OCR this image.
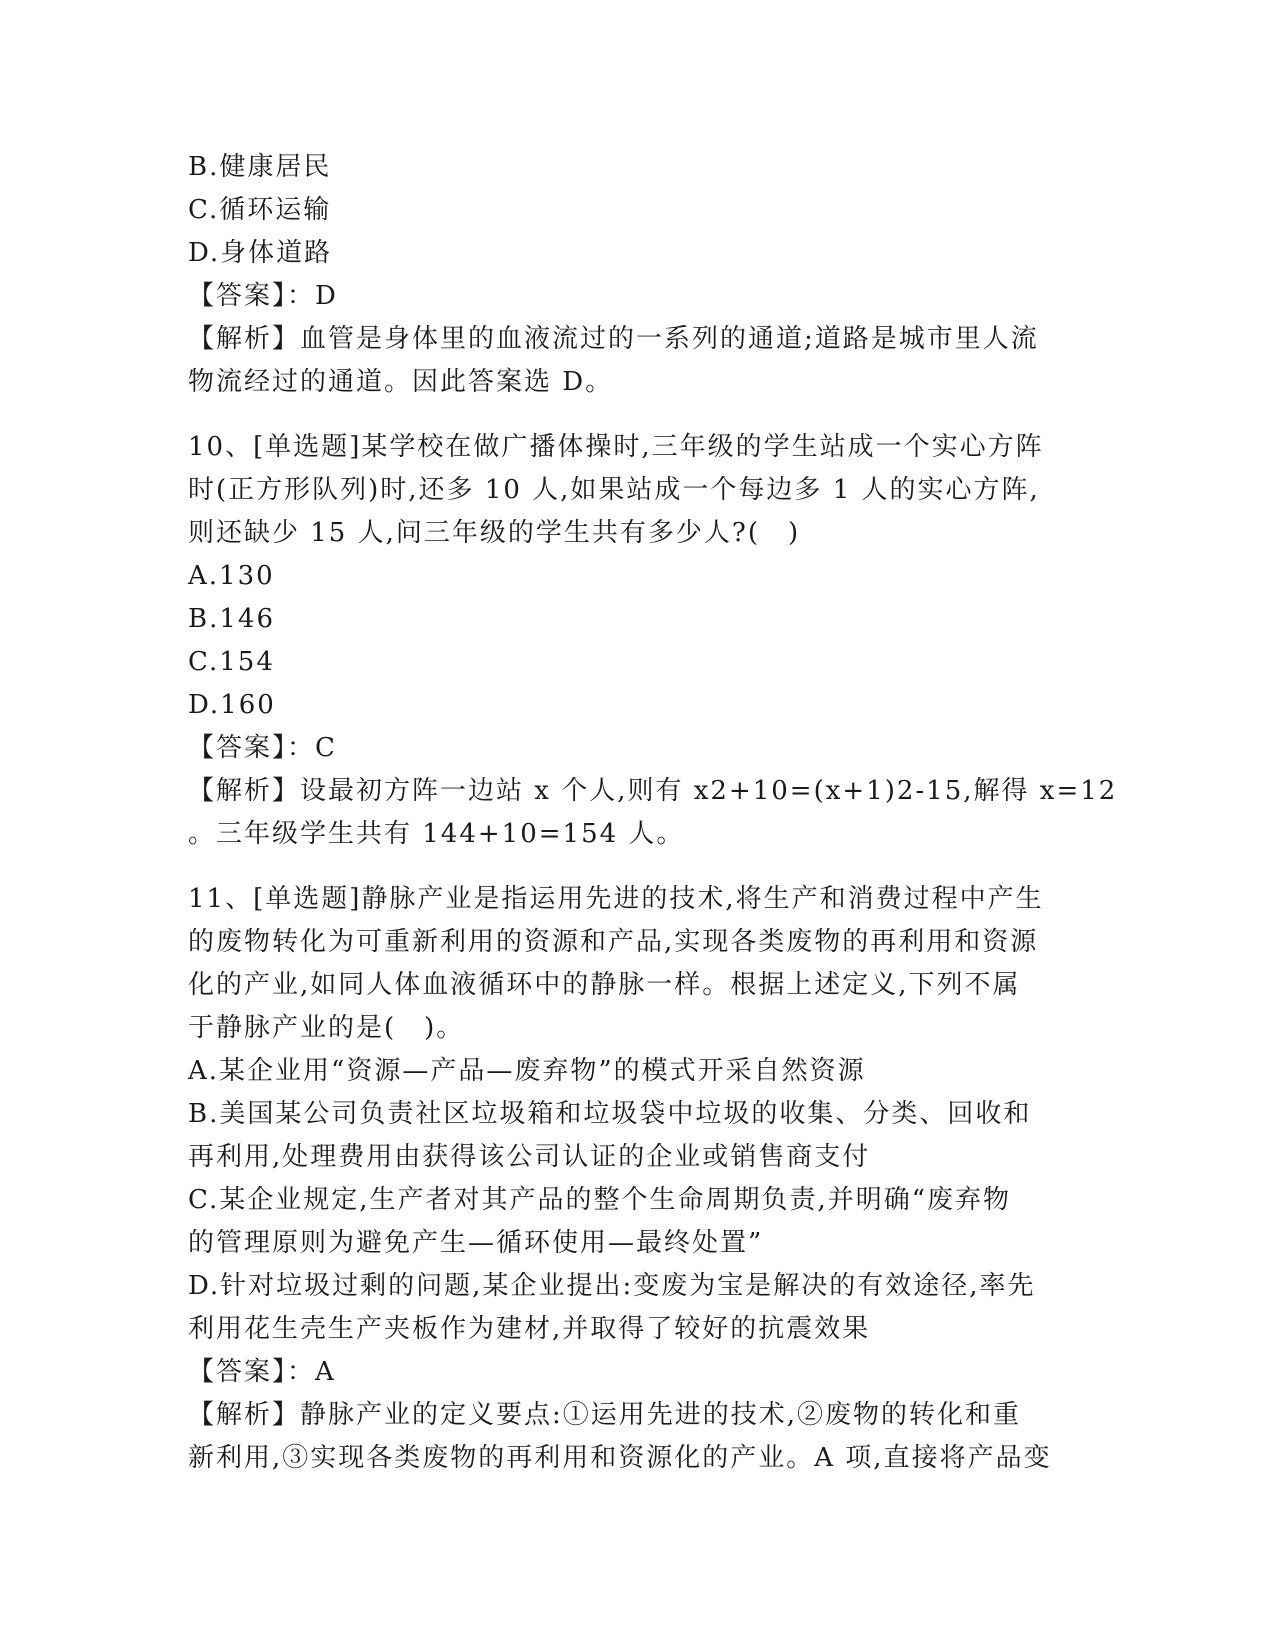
B.健康居民
C.循环运输
D.身体道路
【答案】：D
【解析】血管是身体里的血液流过的一系列的通道;道路是城市里人流
物流经过的通道。因此答案选 D。
10、[单选题]某学校在做广播体操时,三年级的学生站成一个实心方阵
时(正方形队列)时,还多 10 人,如果站成一个每边多 1 人的实心方阵,
则还缺少 15 人,问三年级的学生共有多少人?(　)
A.130
B.146
C.154
D.160
【答案】：C
【解析】设最初方阵一边站 x 个人,则有 x2+10=(x+1)2-15,解得 x=12
。三年级学生共有 144+10=154 人。
11、[单选题]静脉产业是指运用先进的技术,将生产和消费过程中产生
的废物转化为可重新利用的资源和产品,实现各类废物的再利用和资源
化的产业,如同人体血液循环中的静脉一样。根据上述定义,下列不属
于静脉产业的是(　)。
A.某企业用“资源—产品—废弃物”的模式开采自然资源
B.美国某公司负责社区垃圾箱和垃圾袋中垃圾的收集、分类、回收和
再利用,处理费用由获得该公司认证的企业或销售商支付
C.某企业规定,生产者对其产品的整个生命周期负责,并明确“废弃物
的管理原则为避免产生—循环使用—最终处置”
D.针对垃圾过剩的问题,某企业提出:变废为宝是解决的有效途径,率先
利用花生壳生产夹板作为建材,并取得了较好的抗震效果
【答案】：A
【解析】静脉产业的定义要点:①运用先进的技术,②废物的转化和重
新利用,③实现各类废物的再利用和资源化的产业。A 项,直接将产品变
